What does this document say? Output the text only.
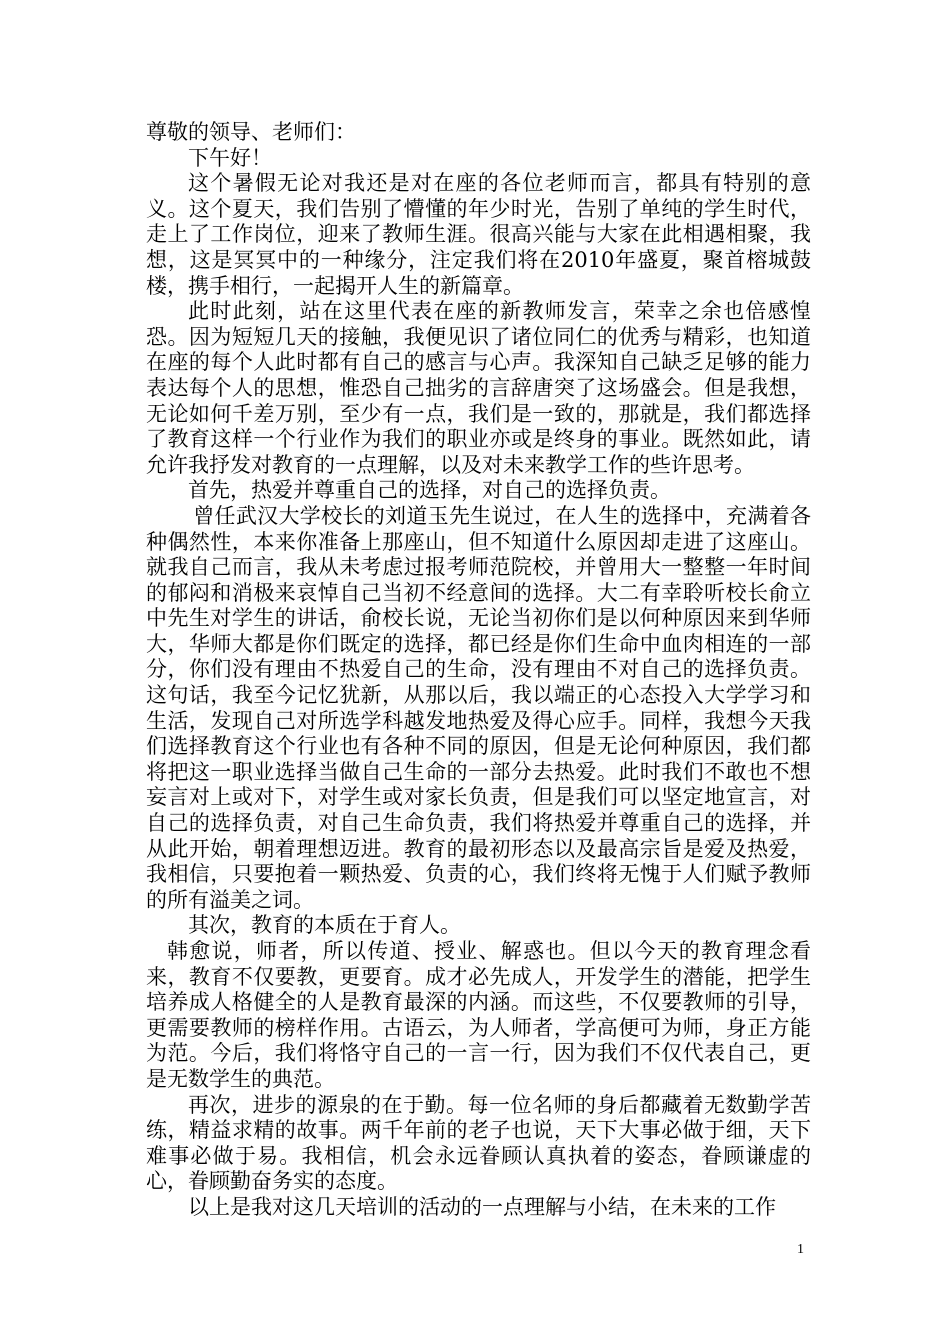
尊敬的领导、老师们：

下午好！

这个暑假无论对我还是对在座的各位老师而言，都具有特别的意义。这个夏天，我们告别了懵懂的年少时光，告别了单纯的学生时代，走上了工作岗位，迎来了教师生涯。很高兴能与大家在此相遇相聚，我想，这是冥冥中的一种缘分，注定我们将在2010年盛夏，聚首榕城鼓楼，携手相行，一起揭开人生的新篇章。

此时此刻，站在这里代表在座的新教师发言，荣幸之余也倍感惶恐。因为短短几天的接触，我便见识了诸位同仁的优秀与精彩，也知道在座的每个人此时都有自己的感言与心声。我深知自己缺乏足够的能力表达每个人的思想，惟恐自己拙劣的言辞唐突了这场盛会。但是我想，无论如何千差万别，至少有一点，我们是一致的，那就是，我们都选择了教育这样一个行业作为我们的职业亦或是终身的事业。既然如此，请允许我抒发对教育的一点理解，以及对未来教学工作的些许思考。

首先，热爱并尊重自己的选择，对自己的选择负责。

曾任武汉大学校长的刘道玉先生说过，在人生的选择中，充满着各种偶然性，本来你准备上那座山，但不知道什么原因却走进了这座山。就我自己而言，我从未考虑过报考师范院校，并曾用大一整整一年时间的郁闷和消极来哀悼自己当初不经意间的选择。大二有幸聆听校长俞立中先生对学生的讲话，俞校长说，无论当初你们是以何种原因来到华师大，华师大都是你们既定的选择，都已经是你们生命中血肉相连的一部分，你们没有理由不热爱自己的生命，没有理由不对自己的选择负责。这句话，我至今记忆犹新，从那以后，我以端正的心态投入大学学习和生活，发现自己对所选学科越发地热爱及得心应手。同样，我想今天我们选择教育这个行业也有各种不同的原因，但是无论何种原因，我们都将把这一职业选择当做自己生命的一部分去热爱。此时我们不敢也不想妄言对上或对下，对学生或对家长负责，但是我们可以坚定地宣言，对自己的选择负责，对自己生命负责，我们将热爱并尊重自己的选择，并从此开始，朝着理想迈进。教育的最初形态以及最高宗旨是爱及热爱，我相信，只要抱着一颗热爱、负责的心，我们终将无愧于人们赋予教师的所有溢美之词。

其次，教育的本质在于育人。

韩愈说，师者，所以传道、授业、解惑也。但以今天的教育理念看来，教育不仅要教，更要育。成才必先成人，开发学生的潜能，把学生培养成人格健全的人是教育最深的内涵。而这些，不仅要教师的引导，更需要教师的榜样作用。古语云，为人师者，学高便可为师，身正方能为范。今后，我们将恪守自己的一言一行，因为我们不仅代表自己，更是无数学生的典范。

再次，进步的源泉的在于勤。每一位名师的身后都藏着无数勤学苦练，精益求精的故事。两千年前的老子也说，天下大事必做于细，天下难事必做于易。我相信，机会永远眷顾认真执着的姿态，眷顾谦虚的心，眷顾勤奋务实的态度。

以上是我对这几天培训的活动的一点理解与小结，在未来的工作

1
